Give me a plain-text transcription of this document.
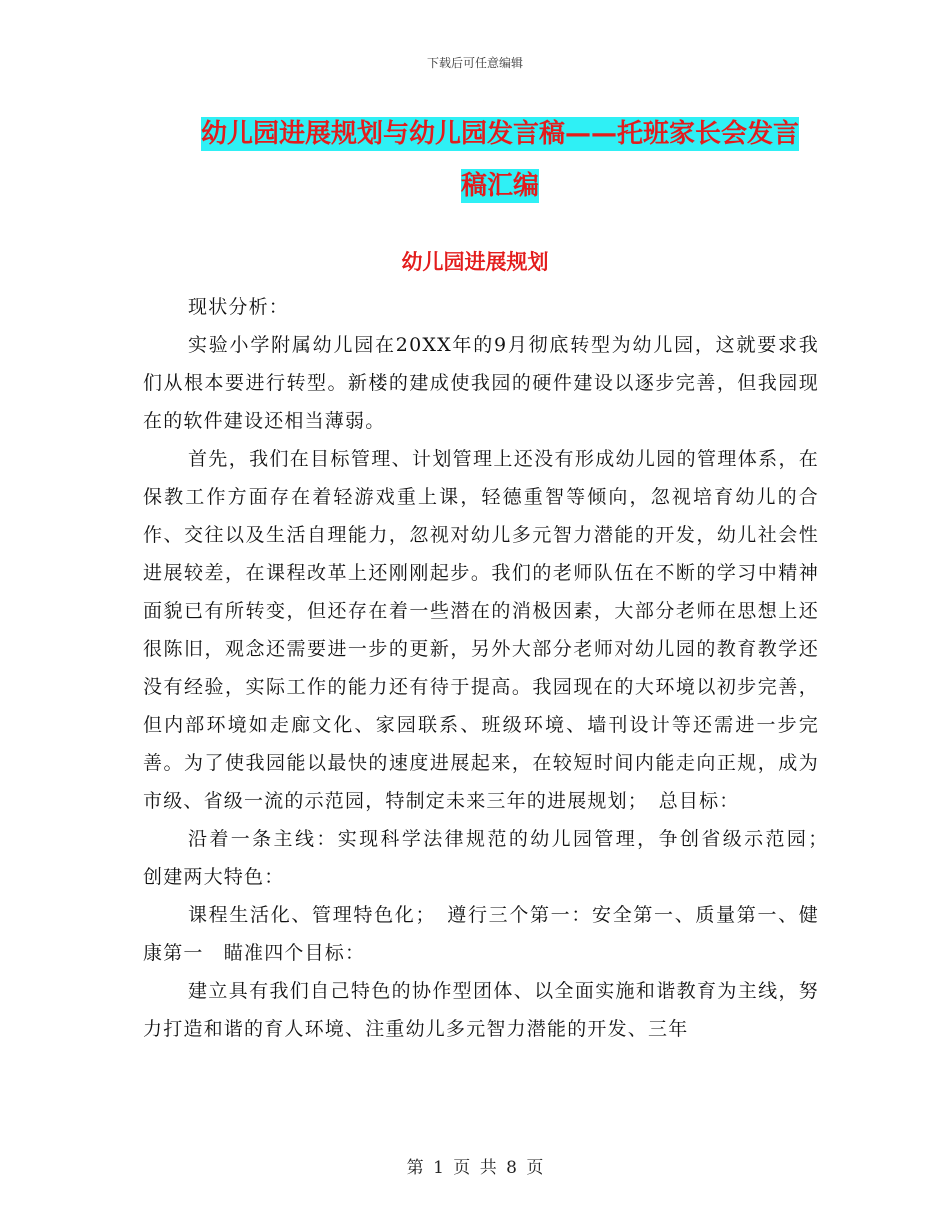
下载后可任意编辑
幼儿园进展规划与幼儿园发言稿——托班家长会发言
稿汇编
幼儿园进展规划

现状分析：

实验小学附属幼儿园在20XX年的9月彻底转型为幼儿园，这就要求我们从根本要进行转型。新楼的建成使我园的硬件建设以逐步完善，但我园现在的软件建设还相当薄弱。

首先，我们在目标管理、计划管理上还没有形成幼儿园的管理体系，在保教工作方面存在着轻游戏重上课，轻德重智等倾向，忽视培育幼儿的合作、交往以及生活自理能力，忽视对幼儿多元智力潜能的开发，幼儿社会性进展较差，在课程改革上还刚刚起步。我们的老师队伍在不断的学习中精神面貌已有所转变，但还存在着一些潜在的消极因素，大部分老师在思想上还很陈旧，观念还需要进一步的更新，另外大部分老师对幼儿园的教育教学还没有经验，实际工作的能力还有待于提高。我园现在的大环境以初步完善，但内部环境如走廊文化、家园联系、班级环境、墙刊设计等还需进一步完善。为了使我园能以最快的速度进展起来，在较短时间内能走向正规，成为市级、省级一流的示范园，特制定未来三年的进展规划；　总目标：

沿着一条主线：实现科学法律规范的幼儿园管理，争创省级示范园；　创建两大特色：

课程生活化、管理特色化；　遵行三个第一：安全第一、质量第一、健康第一　瞄准四个目标：

建立具有我们自己特色的协作型团体、以全面实施和谐教育为主线，努力打造和谐的育人环境、注重幼儿多元智力潜能的开发、三年

第 1 页 共 8 页
